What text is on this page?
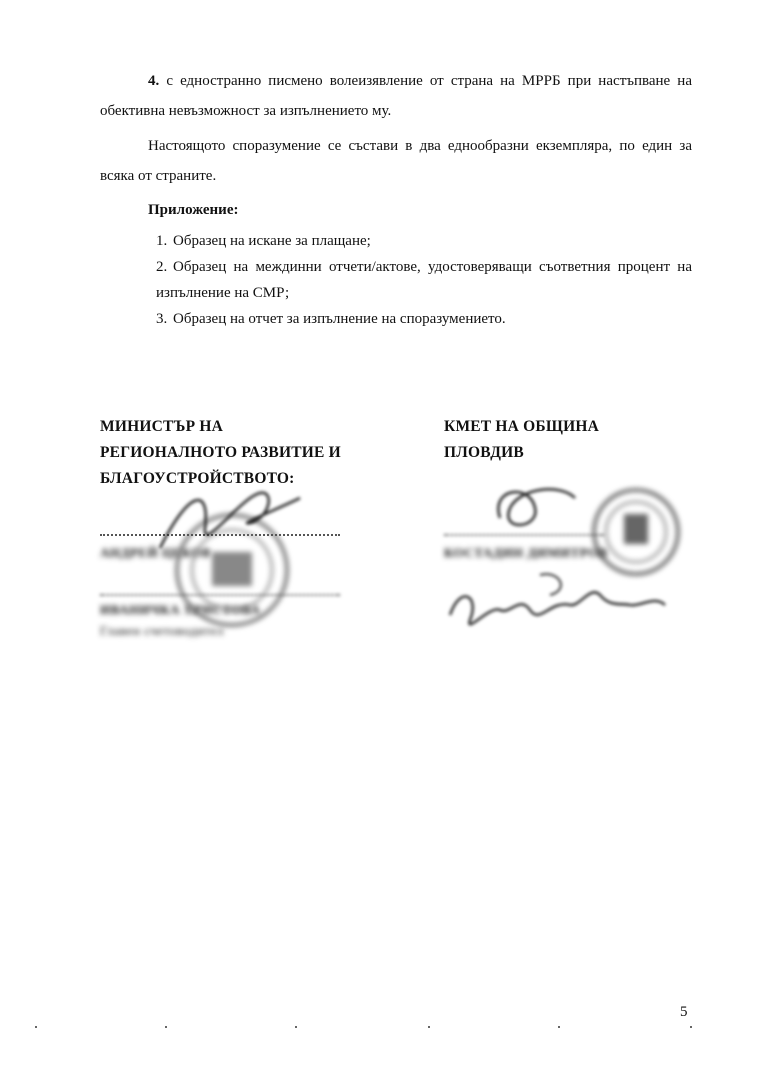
4. с едностранно писмено волеизявление от страна на МРРБ при настъпване на обективна невъзможност за изпълнението му.
Настоящото споразумение се състави в два еднообразни екземпляра, по един за всяка от страните.
Приложение:
1. Образец на искане за плащане;
2. Образец на междинни отчети/актове, удостоверяващи съответния процент на изпълнение на СМР;
3. Образец на отчет за изпълнение на споразумението.
МИНИСТЪР НА
РЕГИОНАЛНОТО РАЗВИТИЕ И
БЛАГОУСТРОЙСТВОТО:
АНДРЕЙ ЦЕКОВ
ИВАНИЧКА ХРИСТОВА
Главен счетоводител
КМЕТ НА ОБЩИНА
ПЛОВДИВ
КОСТАДИН ДИМИТРОВ
5
